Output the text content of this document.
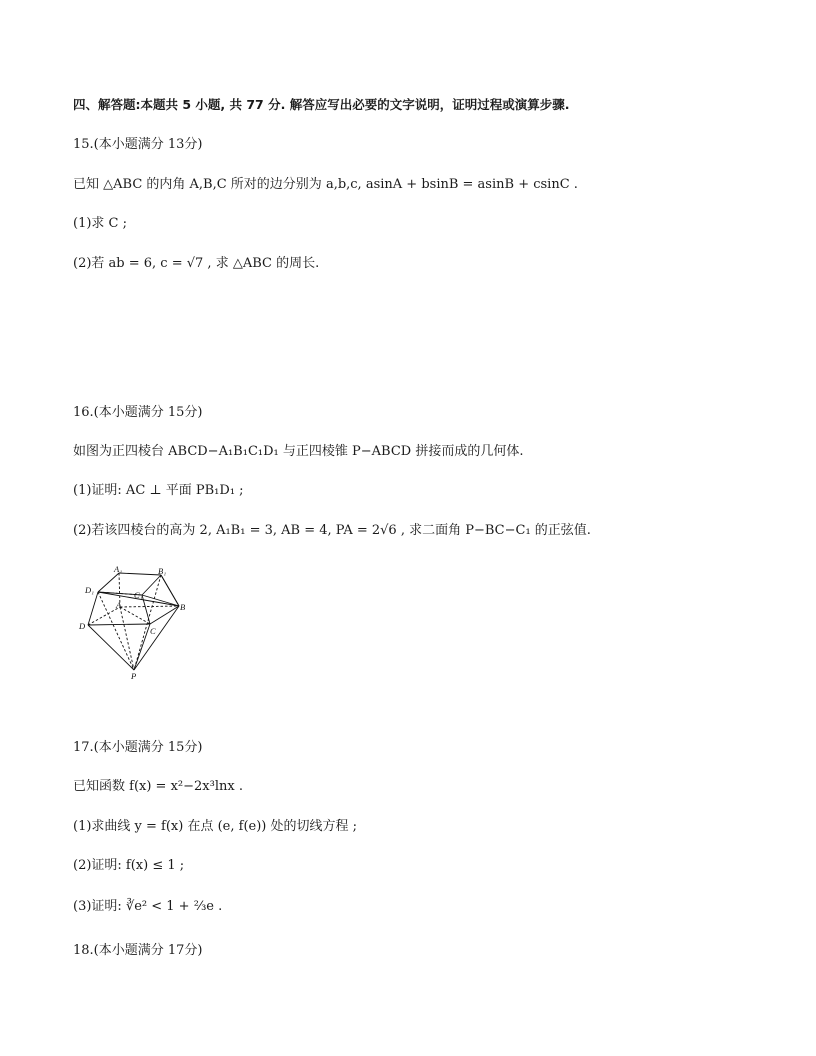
四、解答题:本题共 5 小题, 共 77 分. 解答应写出必要的文字说明，证明过程或演算步骤.
15.(本小题满分 13分)
已知 △ABC 的内角 A,B,C 所对的边分别为 a,b,c, asinA + bsinB = asinB + csinC .
(1)求 C ;
(2)若 ab = 6, c = √7 , 求 △ABC 的周长.
16.(本小题满分 15分)
如图为正四棱台 ABCD−A₁B₁C₁D₁ 与正四棱锥 P−ABCD 拼接而成的几何体.
(1)证明: AC ⊥ 平面 PB₁D₁ ;
(2)若该四棱台的高为 2, A₁B₁ = 3, AB = 4, PA = 2√6 , 求二面角 P−BC−C₁ 的正弦值.
A₁	B₁
D₁	C₁
A	B
D	C
P
17.(本小题满分 15分)
已知函数 f(x) = x²−2x³lnx .
(1)求曲线 y = f(x) 在点 (e, f(e)) 处的切线方程 ;
(2)证明: f(x) ≤ 1 ;
(3)证明: ∛e² < 1 + ⅔e .
18.(本小题满分 17分)
